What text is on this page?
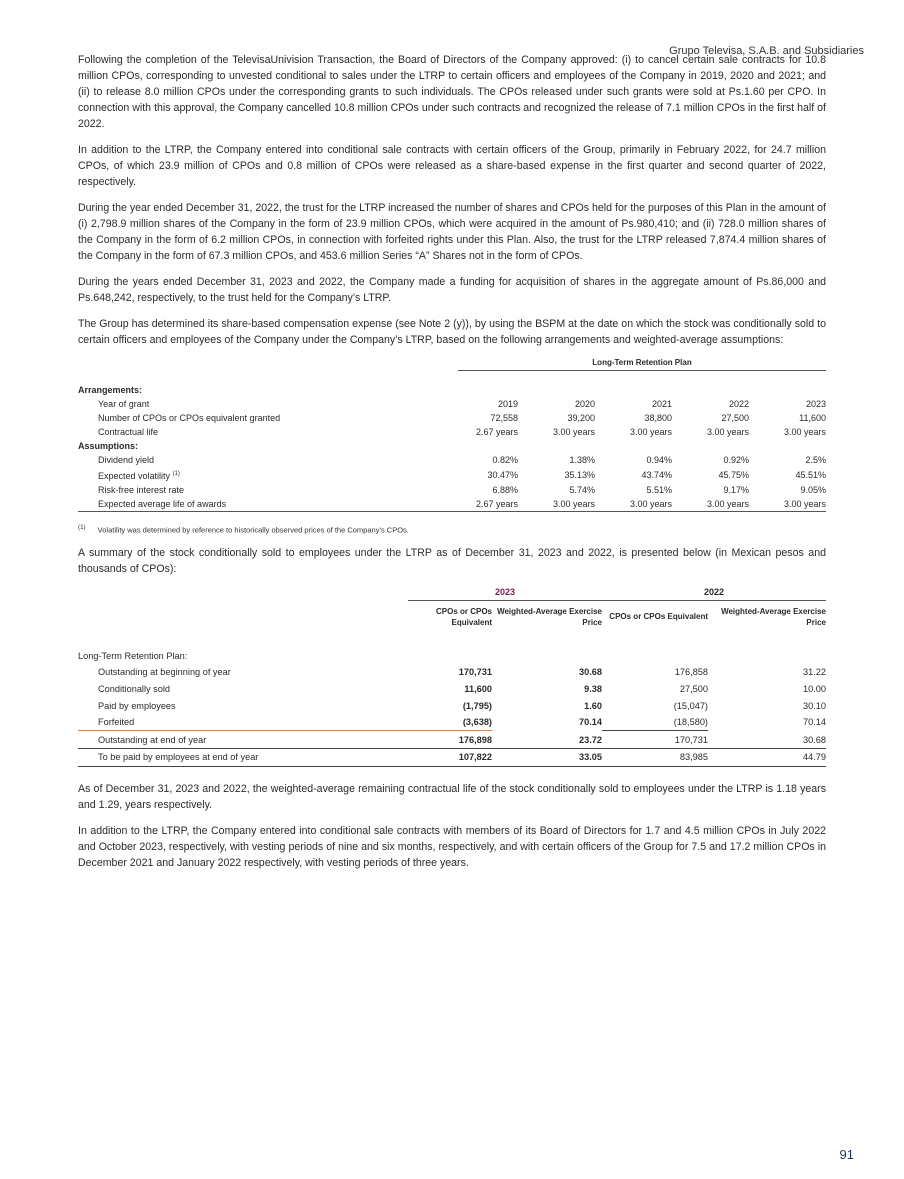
Grupo Televisa, S.A.B. and Subsidiaries

Following the completion of the TelevisaUnivision Transaction, the Board of Directors of the Company approved: (i) to cancel certain sale contracts for 10.8 million CPOs, corresponding to unvested conditional to sales under the LTRP to certain officers and employees of the Company in 2019, 2020 and 2021; and (ii) to release 8.0 million CPOs under the corresponding grants to such individuals. The CPOs released under such grants were sold at Ps.1.60 per CPO. In connection with this approval, the Company cancelled 10.8 million CPOs under such contracts and recognized the release of 7.1 million CPOs in the first half of 2022.

In addition to the LTRP, the Company entered into conditional sale contracts with certain officers of the Group, primarily in February 2022, for 24.7 million CPOs, of which 23.9 million of CPOs and 0.8 million of CPOs were released as a share-based expense in the first quarter and second quarter of 2022, respectively.

During the year ended December 31, 2022, the trust for the LTRP increased the number of shares and CPOs held for the purposes of this Plan in the amount of (i) 2,798.9 million shares of the Company in the form of 23.9 million CPOs, which were acquired in the amount of Ps.980,410; and (ii) 728.0 million shares of the Company in the form of 6.2 million CPOs, in connection with forfeited rights under this Plan. Also, the trust for the LTRP released 7,874.4 million shares of the Company in the form of 67.3 million CPOs, and 453.6 million Series “A” Shares not in the form of CPOs.

During the years ended December 31, 2023 and 2022, the Company made a funding for acquisition of shares in the aggregate amount of Ps.86,000 and Ps.648,242, respectively, to the trust held for the Company’s LTRP.

The Group has determined its share-based compensation expense (see Note 2 (y)), by using the BSPM at the date on which the stock was conditionally sold to certain officers and employees of the Company under the Company’s LTRP, based on the following arrangements and weighted-average assumptions:

Long-Term Retention Plan
Arrangements:					
Year of grant	2019	2020	2021	2022	2023
Number of CPOs or CPOs equivalent granted	72,558	39,200	38,800	27,500	11,600
Contractual life	2.67 years	3.00 years	3.00 years	3.00 years	3.00 years
Assumptions:					
Dividend yield	0.82%	1.38%	0.94%	0.92%	2.5%
Expected volatility $^{(1)}$	30.47%	35.13%	43.74%	45.75%	45.51%
Risk-free interest rate	6.88%	5.74%	5.51%	9.17%	9.05%
Expected average life of awards	2.67 years	3.00 years	3.00 years	3.00 years	3.00 years
$^{(1)}$ Volatility was determined by reference to historically observed prices of the Company’s CPOs.

A summary of the stock conditionally sold to employees under the LTRP as of December 31, 2023 and 2022, is presented below (in Mexican pesos and thousands of CPOs):

	2023		2022	
	CPOs or CPOs Equivalent	Weighted-Average Exercise Price	CPOs or CPOs Equivalent	Weighted-Average Exercise Price

Long-Term Retention Plan:				
Outstanding at beginning of year	170,731	30.68	176,858	31.22
Conditionally sold	11,600	9.38	27,500	10.00
Paid by employees	(1,795)	1.60	(15,047)	30.10
Forfeited	(3,638)	70.14	(18,580)	70.14
Outstanding at end of year	176,898	23.72	170,731	30.68
To be paid by employees at end of year	107,822	33.05	83,985	44.79

As of December 31, 2023 and 2022, the weighted-average remaining contractual life of the stock conditionally sold to employees under the LTRP is 1.18 years and 1.29, years respectively.

In addition to the LTRP, the Company entered into conditional sale contracts with members of its Board of Directors for 1.7 and 4.5 million CPOs in July 2022 and October 2023, respectively, with vesting periods of nine and six months, respectively, and with certain officers of the Group for 7.5 and 17.2 million CPOs in December 2021 and January 2022 respectively, with vesting periods of three years.

91
